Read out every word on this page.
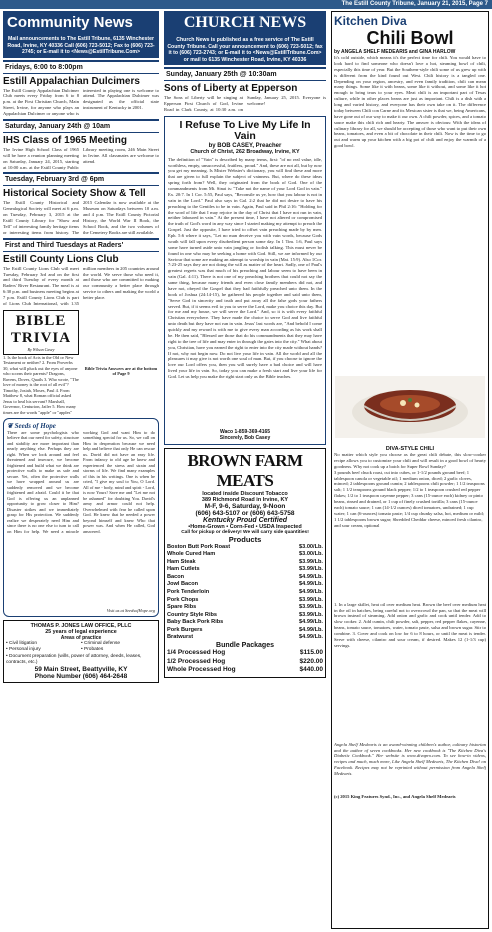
The Estill County Tribune, January 21, 2015, Page 7
Community News
Mail announcements to The Estill Tribune, 6135 Winchester Road, Irvine, KY 40336 Call (606) 723-5012; Fax to (606) 723-2745; or E-mail it to <News@EstillTribune.Com>
Fridays, 6:00 to 8:00pm
Estill Appalachian Dulcimers
The Estill County Appalachian Dulcimer Club meets every Friday from 6 to 8 p.m. at the First Christian Church, Main Street, Irvine, for anyone who plays an Appalachian Dulcimer or anyone who is interested in playing one is welcome to attend. The Appalachian Dulcimer was designated as the official state instrument of Kentucky in 2001.
Saturday, January 24th @ 10am
IHS Class of 1965 Meeting
The Irvine High School Class of 1965 will be have a reunion planning meeting on Saturday, January 24, 2015, starting at 10:00 a.m. at the Estill County Public Library meeting room, 246 Main Street in Irvine. All classmates are welcome to attend.
Tuesday, February 3rd @ 6pm
Historical Society Show & Tell
The Estill County Historical and Genealogical Society will meet at 6 p.m. on Tuesday, February 3, 2015 at the Estill County Library for "Show and Tell" of interesting family heritage items or interesting items from history. The 2015 Calendar is now available at the Museum on Saturdays between 10 a.m. and 4 p.m. The Estill County Pictorial History, the World War II Book, the School Book, and the two volumes of the Cemetery Books are still available.
First and Third Tuesdays at Raders'
Estill County Lions Club
The Estill County Lions Club will meet Tuesday, February 3rd and on the first and third Tuesday of every month at Raders' River Restaurant. The meal is at 6:30 p.m. and business meeting begins at 7 p.m. Estill County Lions Club is part of Lions Club International, with 1.35 million members in 205 countries around the world. We serve those who need it, and those who are committed to making our community a better place through service to others and making the world a better place.
BIBLE TRIVIA
By Wilson Casey
1. Is the book of Acts in the Old or New Testament or neither? 2. From Proverbs 30, what will pluck out the eyes of anyone who scorns their parents? Dragons, Ravens, Doves, Quails 3. Who wrote, "The love of money is the root of all evil"? Timothy, Josiah, Moses, Paul 4. From Matthew 8, what Roman official asked Jesus to heal his servant? Marshall, Governor, Centurion, Jailer 5. How many times are the words "apple" or "apples"
Bible Trivia Answers are at the bottom of Page 9
❦ Seeds of Hope
There are some psychologists who believe that our need for safety, structure and stability are more important than nearly anything else. Perhaps they are right. When we look around and feel threatened and insecure, we become frightened and build what we think are protective walls to make us safe and secure. Yet, often the protective walls we have wrapped around us are suddenly removed and we become frightened and afraid. Could it be that God is offering us an unplanned opportunity to grow closer to Him? Disaster strikes and we immediately grasp for His protection. We suddenly realize we desperately need Him and since there is no one else to turn to call on Him for help. We need a miracle working God and want Him to do something special for us. So, we call on Him in desperation because we need help and believe that only He can rescue us. David did not have an easy life. From infancy to old age he knew and experienced the stress and strain and storms of life. We find many examples of this in his writings. One is when he cried, "I give my soul to You, O Lord. All of me - body, mind and spirit - Lord, is now Yours! Save me and "Let me not be ashamed" for doubting You. David's army and armor could not help. Overwhelmed with fear he called upon God. He knew that he needed a power beyond himself and knew Who that power was. And when He called, God answered.
Visit us at SeedsofHope.org
THOMAS P. JONES LAW OFFICE, PLLC
25 years of legal experience
Areas of practice
• Civil litigation	• Criminal defense
• Personal injury	• Probates
• Document preparation (wills, power of attorney, deeds, leases, contracts, etc.)
59 Main Street, Beattyville, KY
Phone Number (606) 464-2648
CHURCH NEWS
Church News is published as a free service of The Estill County Tribune. Call your announcement to (606) 723-5012; fax it to (606) 723-2743; or E-mail it to <News@EstillTribune.Com> or mail to 6135 Winchester Road, Irvine, KY 40336
Sunday, January 25th @ 10:30am
Sons of Liberty at Epperson
The Sons of Liberty will be singing at Epperson First Church of God, Irvine Road in Clark County, at 10:30 a.m. on Sunday, January 25, 2015. Everyone is welcome!
I Refuse To Live My Life In Vain
by BOB CASEY, Preacher
Church of Christ, 262 Broadway, Irvine, KY
The definition of "Vain" is described by many terms, first: "of no real value, idle, worthless, empty, unsuccessful, fruitless, proud." And, these are not all, but by now you get my meaning. Is Mister Webster's dictionary, you will find these and more that are given to full explain the subject of vainness. But, where do these ideas spring forth from? Well, they originated from the book of God. One of the commandments from Mt. Sinai is: "Take not the name of your Lord God in vain." Ex. 20:7. In 1 Cor. 5:55, Paul says, "Reconsile us ye, how that you labour is not in vain in the Lord." Paul also says in Gal. 2:2 that he did not desire to have his preaching to the Gentiles to be in vain. Again, Paul said in Phil 2:16: "Holding for the word of life that I may rejoice in the day of Christ that I have not run in vain, neither laboured in vain." At the present time, I have not altered or compromised the truth of God's word in any way since I started making my attempt to preach the Gospel. Just the opposite, I have tried to offset vain preaching made by by men. Eph. 5:6 where it says, "Let no man deceive you with vain words, because Gods wrath will fall upon every disobedient person some day. In 1 Tim. 1:6, Paul says some have turned aside unto vain jangling or foolish talking. This must never be found in one who may be seeking a home with God. Still, we are informed by our Saviour that some are making an attempt to worship in vain (Mat. 15:9). Also 1Cor. 7:23-25 says they are not doing the will as matter of the heart. Sadly, one of Paul's greatest regrets was that much of his preaching and labour seem to have been in vain (Gal. 4:11). There is not one of my preaching brothers that could not say the same thing, because many friends and even close family members did not, and have not, obeyed the Gospel that they had faithfully preached unto them. In the book of Joshua (24:14-15), he gathered his people together and said unto them, "Serve God in sincerity and truth and put away all the false gods your fathers served. But, if it seems evil to you to serve the Lord, make you choice this day. But for me and my house, we will serve the Lord." And, so it is with every faithful Christian everywhere. They have made the choice to serve God and live faithful unto death but they have not run in vain. Jesus' last words are, "And behold I come quickly and my reward is with me to give every man according as his work shall be. He then said, "Blessed are those that do his commandments that they may have right to the tree of life and may enter in through the gates into the city." What about you, Christian, have you earned the right to enter into the city made without hands? If not, why not begin now. Do not live your life in vain. All the world and all the pleasures it may give is not worth one soul of man. But, if you choose to ignore the love our Lord offers you, then you will surely have a bad choice and will have lived your life in vain. So, today you can make a fresh start and live your life for God. Let us help you make the right start only as the Bible teaches.
Waco 1-859-369-4165
Sincerely, Bob Casey
BROWN FARM MEATS
located inside Discount Tobacco
389 Richmond Road in Irvine, KY
M-F, 9-6, Saturday, 9-Noon
(606) 643-5107 or (606) 643-5758
Kentucky Proud Certified
•Home-Grown • Corn-Fed • USDA Inspected
Call for pickup or delivery! We will carry side quantities!
Products
Boston Butt Pork Roast	$3.00/Lb.
Whole Cured Ham	$3.00/Lb.
Ham Steak	$3.99/Lb.
Ham Cutlets	$3.99/Lb.
Bacon	$4.99/Lb.
Jowl Bacon	$4.99/Lb.
Pork Tenderloin	$4.99/Lb.
Pork Chops	$3.99/Lb.
Spare Ribs	$3.99/Lb.
Country Style Ribs	$3.99/Lb.
Baby Back Pork Ribs	$4.99/Lb.
Pork Burgers	$4.99/Lb.
Bratwurst	$4.99/Lb.
Bundle Packages
1/4 Processed Hog	$115.00
1/2 Processed Hog	$220.00
Whole Processed Hog	$440.00
Kitchen Diva
Chili Bowl
by ANGELA SHELF MEDEARIS and GINA HARLOW
It's cold outside, which means it's the perfect time for chili. You would have to look hard to find someone who doesn't love a hot, steaming bowl of chili, especially this time of year. But the Southern-style chili some of us grew up with is different from the kind found out West. Chili history is a tangled one. Depending on your region, ancestry, and even family tradition, chili can mean many things. Some like it with beans, some like it without, and some like it hot enough to bring tears to your eyes. Meat chili is an important part of Texas culture, while in other places beans are just as important. Chili is a dish with a long and varied history, and everyone has their own take on it. The difference today between Chili con Carne and its Mexican sister is that we, being Americans, have gone out of our way to make it our own. A chili powder, spices, and a tomato sauce make this chili rich and hearty. The answer is obvious: With the ideas of culinary library for all, we should be accepting of those who want to put their own beans, tomatoes, and even a bit of chocolate in their chili. Now is the time to go out and warm up your kitchen with a big pot of chili and enjoy the warmth of a good bowl.
DIVA-STYLE CHILI
No matter which style you choose as the great chili debate, this slow-cooker recipe allows you to customize your chili and will result in a good bowl of hearty goodness. Why not cook up a batch for Super Bowl Sunday?
3 pounds beef chuck roast, cut into cubes, or 1-1/2 pounds ground beef; 1 tablespoon canola or vegetable oil; 1 medium onion, diced; 2 garlic cloves, minced; 2 tablespoons ground cumin; 2 tablespoons chili powder; 1 1/2 teaspoons salt; 1 1/2 teaspoons ground black pepper; 1/2 to 1 teaspoon crushed red pepper flakes; 1/2 to 1 teaspoon cayenne pepper; 3 cans (15-ounce each) kidney or pinto beans, rinsed and drained, or 1 cup of finely crushed tortilla; 3 cans (15-ounce each) tomato sauce; 1 can (14-1/2 ounces) diced tomatoes, undrained; 1 cup water; 1 can (6-ounces) tomato paste; 1/4 cup chunky salsa, hot, medium or mild; 1 1/2 tablespoons brown sugar; Shredded Cheddar cheese, minced fresh cilantro, and sour cream, optional
1. In a large skillet, heat oil over medium heat. Brown the beef over medium heat in the oil in batches, being careful not to overcrowd the pan, so that the meat will brown instead of steaming. Add onion and garlic and cook until tender. Add to slow cooker. 2. Add cumin, chili powder, salt, pepper, red pepper flakes, cayenne, beans, tomato sauce, tomatoes, water, tomato paste, salsa and brown sugar. Stir to combine. 3. Cover and cook on low for 6 to 8 hours, or until the meat is tender. Serve with cheese, cilantro and sour cream, if desired. Makes 12 (1-1/3 cup) servings.
Angela Shelf Medearis is an award-winning children's author, culinary historian and the author of seven cookbooks. Her new cookbook is "The Kitchen Diva's Diabetic Cookbook." Her website is www.divapro.com. To see how-to videos, recipes and much, much more, Like Angela Shelf Medearis, The Kitchen Diva! on Facebook. Recipes may not be reprinted without permission from Angela Shelf Medearis.
(c) 2015 King Features Synd., Inc., and Angela Shelf Medearis
